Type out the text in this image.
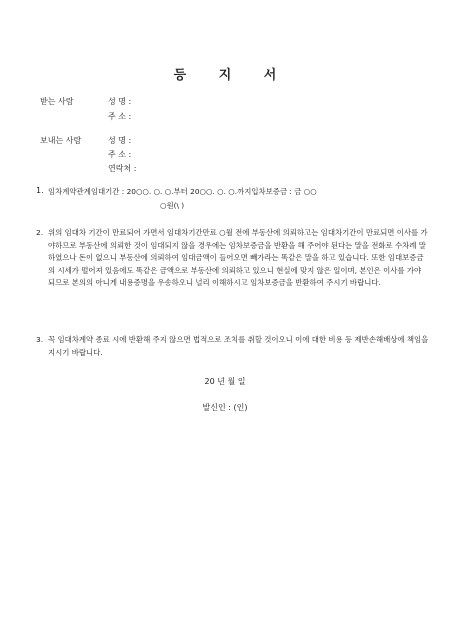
등 지 서
받는 사람	성 명 :
주 소 :
보내는 사람	성 명 :
주 소 :
연락처 :
1. 임차계약관계임대기간 : 20○○. ○. ○.부터 20○○. ○. ○.까지입차보증금 : 금 ○○
○원(\ )
2. 위의 임대차 기간이 만료되어 가면서 임대차기간만료 ○월 전에 부동산에 의뢰하고는 임대차기간이 만료되면 이사를 가야하므로 부동산에 의뢰한 것이 임대되지 않을 경우에는 임차보증금을 반환을 해 주어야 된다는 말을 전화로 수차례 말하였으나 돈이 없으니 부동산에 의뢰하여 임대금액이 들어오면 빼가라는 똑같은 말을 하고 있습니다. 또한 임대보증금의 시세가 떨어져 있음에도 똑같은 금액으로 부동산에 의뢰하고 있으니 현실에 맞지 않은 일이며, 본인은 이사를 가야 되므로 본의의 아니게 내용증명을 우송하오니 널리 이해하시고 임차보증금을 반환하여 주시기 바랍니다.
3. 꼭 임대차계약 종료 시에 반환해 주지 않으면 법적으로 조치를 취할 것이오니 이에 대한 비용 등 제반손해배상에 책임을 지시기 바랍니다.
20 년 월 일
발신인 : (인)
